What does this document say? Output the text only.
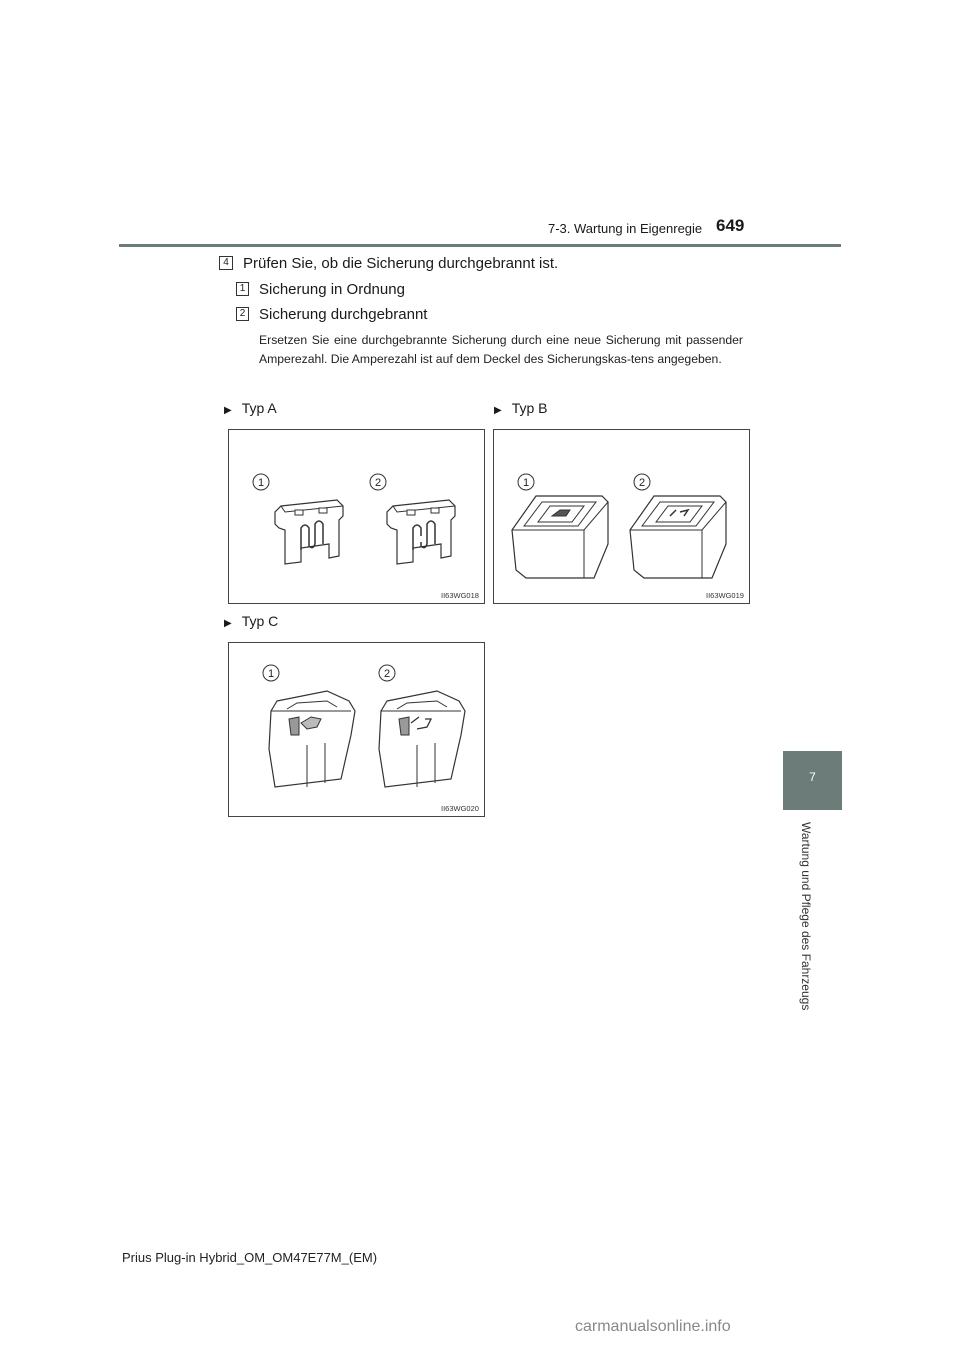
7-3. Wartung in Eigenregie 649
7
Wartung und Pflege des Fahrzeugs
4 Prüfen Sie, ob die Sicherung durchgebrannt ist.
1 Sicherung in Ordnung
2 Sicherung durchgebrannt
Ersetzen Sie eine durchgebrannte Sicherung durch eine neue Sicherung mit passender Amperezahl. Die Amperezahl ist auf dem Deckel des Sicherungskas-tens angegeben.
▶ Typ A	▶ Typ B
▶ Typ C
1	2
II63WG018
1	2
II63WG019
1	2
II63WG020
Prius Plug-in Hybrid_OM_OM47E77M_(EM)
carmanualsonline.info
